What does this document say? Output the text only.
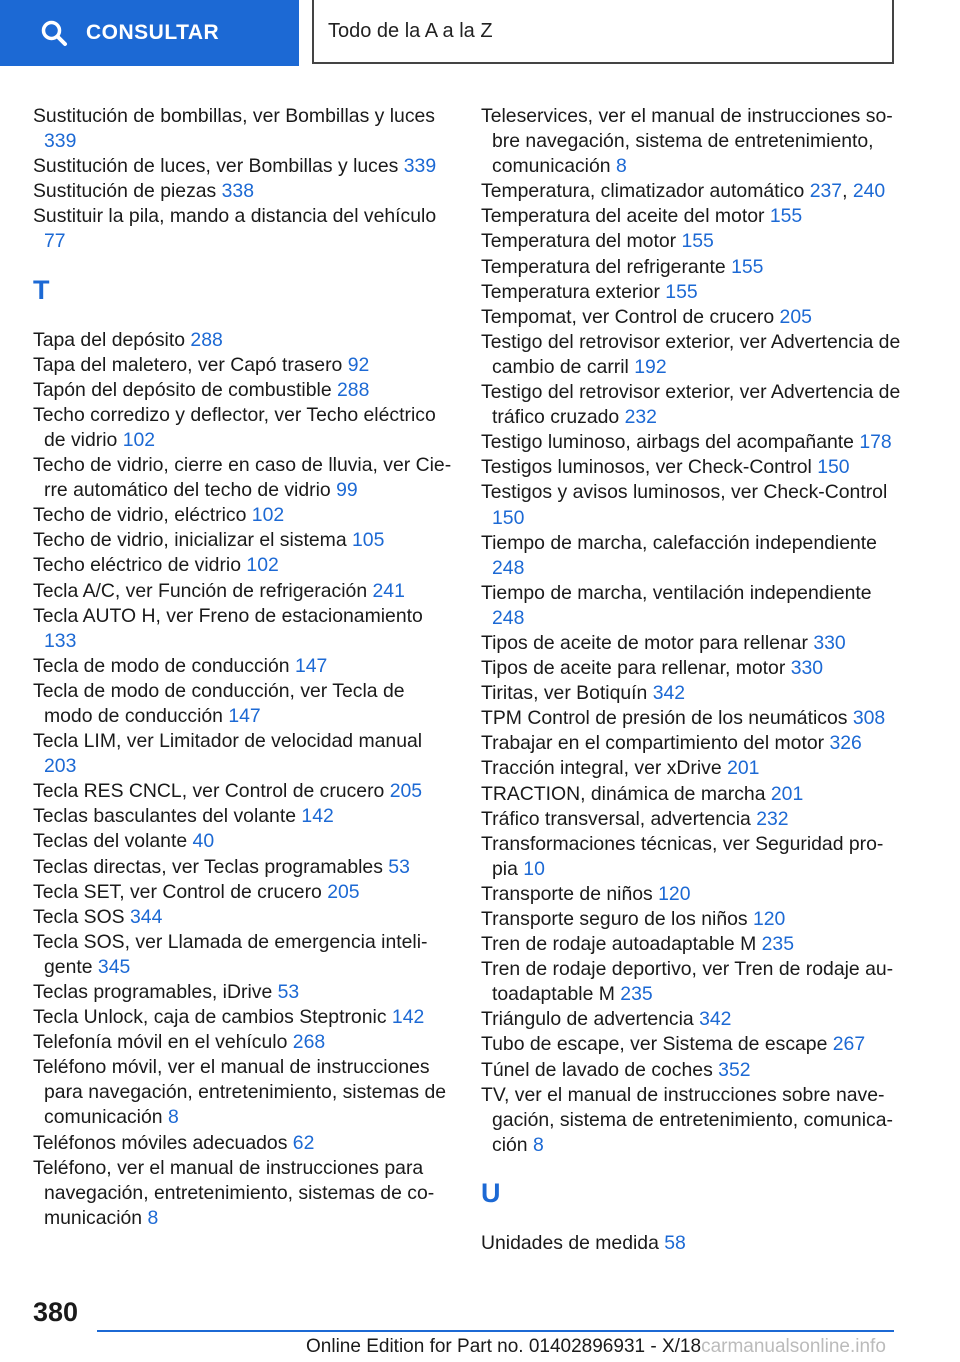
CONSULTAR	Todo de la A a la Z

Sustitución de bombillas, ver Bombillas y luces 339

Sustitución de luces, ver Bombillas y luces 339

Sustitución de piezas 338

Sustituir la pila, mando a distancia del vehículo 77

T

Tapa del depósito 288

Tapa del maletero, ver Capó trasero 92

Tapón del depósito de combustible 288

Techo corredizo y deflector, ver Techo eléctrico de vidrio 102

Techo de vidrio, cierre en caso de lluvia, ver Cierre automático del techo de vidrio 99

Techo de vidrio, eléctrico 102

Techo de vidrio, inicializar el sistema 105

Techo eléctrico de vidrio 102

Tecla A/C, ver Función de refrigeración 241

Tecla AUTO H, ver Freno de estacionamiento 133

Tecla de modo de conducción 147

Tecla de modo de conducción, ver Tecla de modo de conducción 147

Tecla LIM, ver Limitador de velocidad manual 203

Tecla RES CNCL, ver Control de crucero 205

Teclas basculantes del volante 142

Teclas del volante 40

Teclas directas, ver Teclas programables 53

Tecla SET, ver Control de crucero 205

Tecla SOS 344

Tecla SOS, ver Llamada de emergencia inteligente 345

Teclas programables, iDrive 53

Tecla Unlock, caja de cambios Steptronic 142

Telefonía móvil en el vehículo 268

Teléfono móvil, ver el manual de instrucciones para navegación, entretenimiento, sistemas de comunicación 8

Teléfonos móviles adecuados 62

Teléfono, ver el manual de instrucciones para navegación, entretenimiento, sistemas de comunicación 8

Teleservices, ver el manual de instrucciones sobre navegación, sistema de entretenimiento, comunicación 8

Temperatura, climatizador automático 237, 240

Temperatura del aceite del motor 155

Temperatura del motor 155

Temperatura del refrigerante 155

Temperatura exterior 155

Tempomat, ver Control de crucero 205

Testigo del retrovisor exterior, ver Advertencia de cambio de carril 192

Testigo del retrovisor exterior, ver Advertencia de tráfico cruzado 232

Testigo luminoso, airbags del acompañante 178

Testigos luminosos, ver Check-Control 150

Testigos y avisos luminosos, ver Check-Control 150

Tiempo de marcha, calefacción independiente 248

Tiempo de marcha, ventilación independiente 248

Tipos de aceite de motor para rellenar 330

Tipos de aceite para rellenar, motor 330

Tiritas, ver Botiquín 342

TPM Control de presión de los neumáticos 308

Trabajar en el compartimiento del motor 326

Tracción integral, ver xDrive 201

TRACTION, dinámica de marcha 201

Tráfico transversal, advertencia 232

Transformaciones técnicas, ver Seguridad propia 10

Transporte de niños 120

Transporte seguro de los niños 120

Tren de rodaje autoadaptable M 235

Tren de rodaje deportivo, ver Tren de rodaje autoadaptable M 235

Triángulo de advertencia 342

Tubo de escape, ver Sistema de escape 267

Túnel de lavado de coches 352

TV, ver el manual de instrucciones sobre navegación, sistema de entretenimiento, comunicación 8

U

Unidades de medida 58

380
Online Edition for Part no. 01402896931 - X/18carmanualsonline.info
